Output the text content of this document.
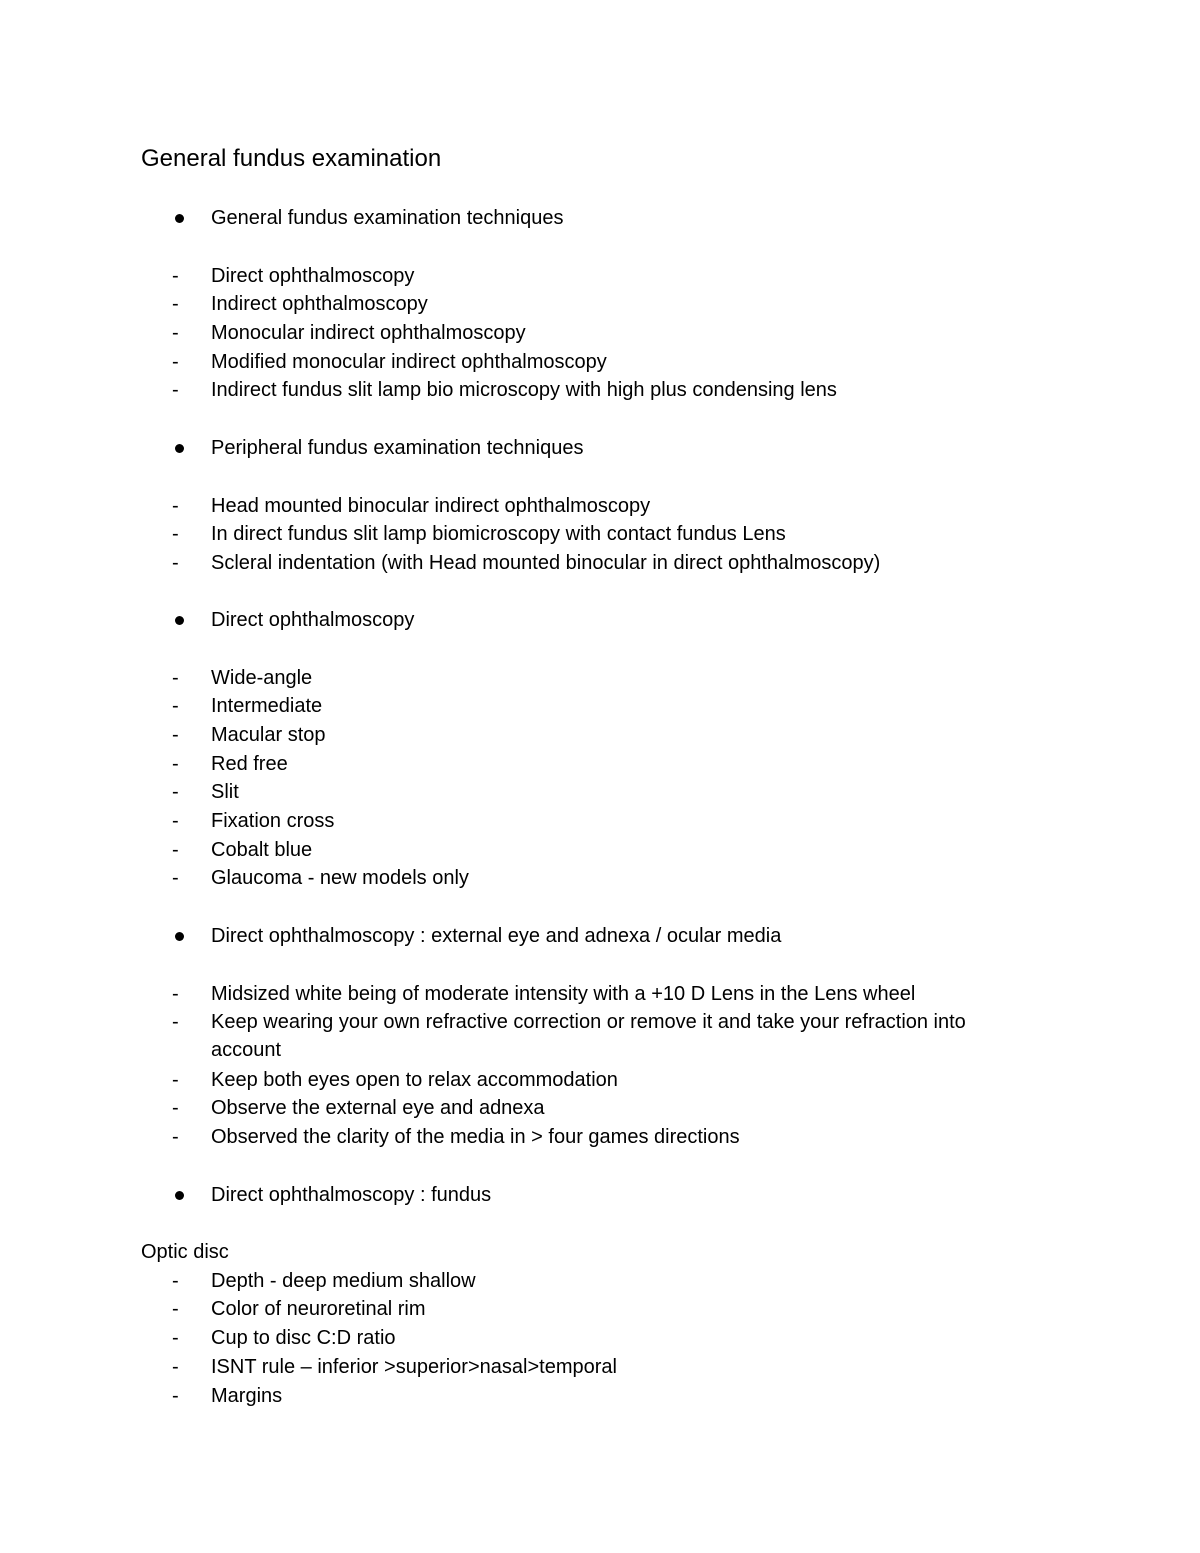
General fundus examination
General fundus examination techniques
-	Direct ophthalmoscopy
-	Indirect ophthalmoscopy
-	Monocular indirect ophthalmoscopy
-	Modified monocular indirect ophthalmoscopy
-	Indirect fundus slit lamp bio microscopy with high plus condensing lens
Peripheral fundus examination techniques
-	Head mounted binocular indirect ophthalmoscopy
-	In direct fundus slit lamp biomicroscopy with contact fundus Lens
-	Scleral indentation (with Head mounted binocular in direct ophthalmoscopy)
Direct ophthalmoscopy
-	Wide-angle
-	Intermediate
-	Macular stop
-	Red free
-	Slit
-	Fixation cross
-	Cobalt blue
-	Glaucoma - new models only
Direct ophthalmoscopy : external eye and adnexa / ocular media
-	Midsized white being of moderate intensity with a +10 D Lens in the Lens wheel
-	Keep wearing your own refractive correction or remove it and take your refraction into account
-	Keep both eyes open to relax accommodation
-	Observe the external eye and adnexa
-	Observed the clarity of the media in > four games directions
Direct ophthalmoscopy : fundus
Optic disc
-	Depth - deep medium shallow
-	Color of neuroretinal rim
-	Cup to disc C:D ratio
-	ISNT rule – inferior >superior>nasal>temporal
-	Margins
